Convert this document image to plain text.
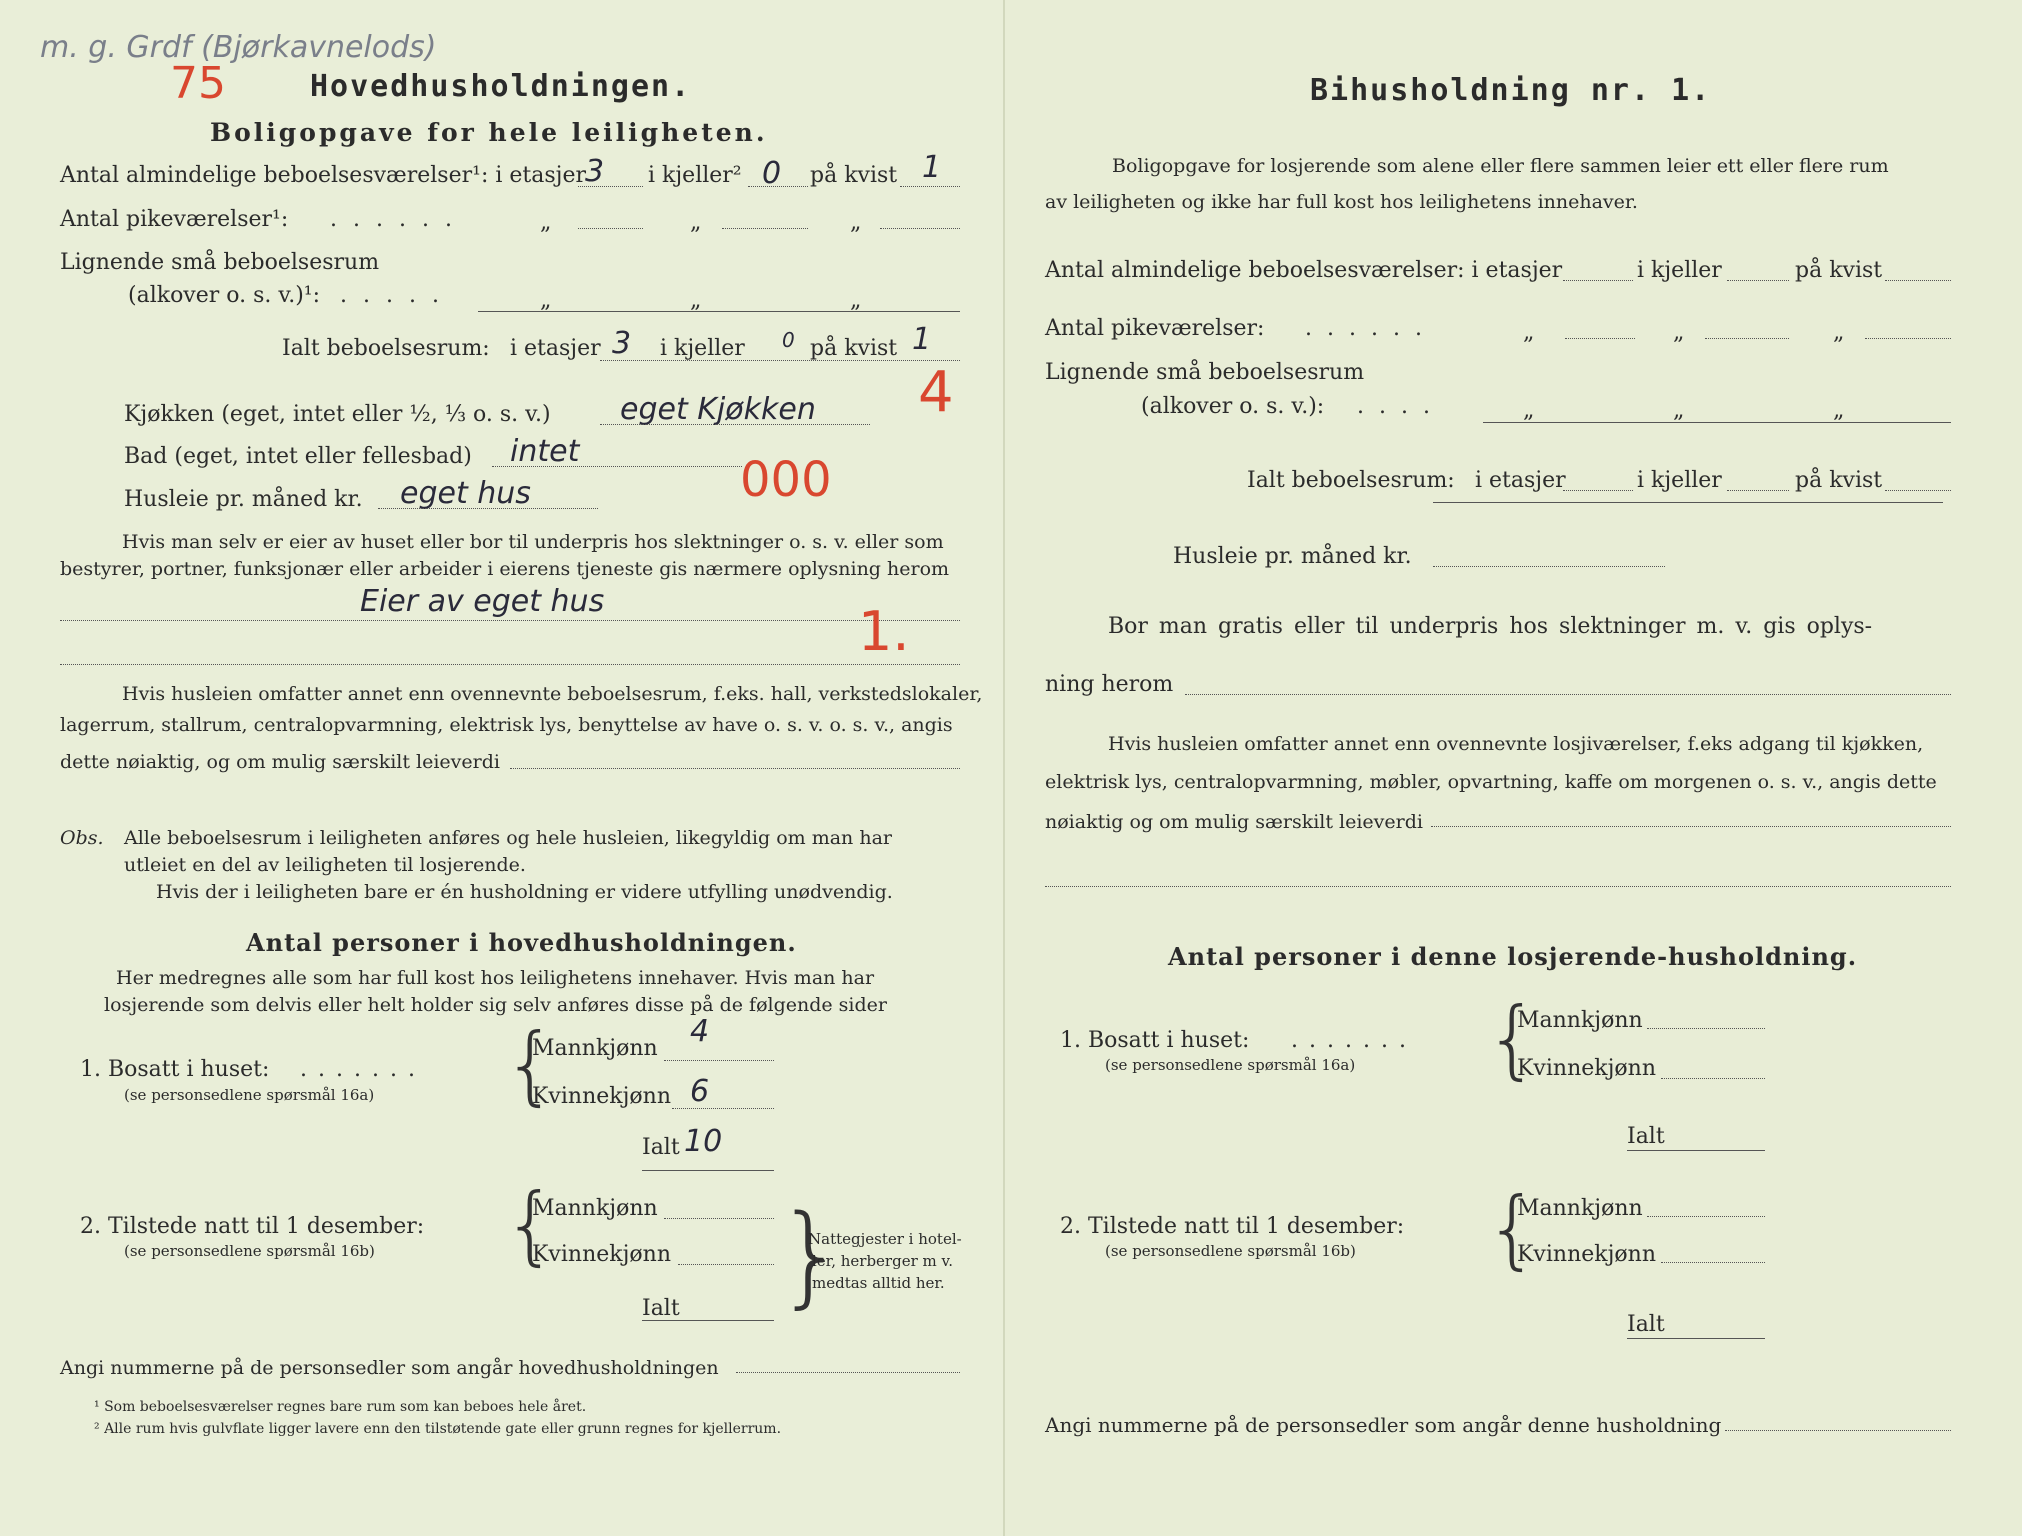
m. g. Grdf (Bjørkavnelods)
75	Hovedhusholdningen.
Boligopgave for hele leiligheten.
Antal almindelige beboelsesværelser¹: i etasjer
3 i kjeller² 0 på kvist 1
Antal pikeværelser¹: ......	„	„	„
Lignende små beboelsesrum
(alkover o. s. v.)¹: .....	„	„	„
Ialt beboelsesrum: i etasjer 3 i kjeller 0 på kvist 1
4
Kjøkken (eget, intet eller ½, ⅓ o. s. v.) eget Kjøkken
Bad (eget, intet eller fellesbad) intet
Husleie pr. måned kr. eget hus	000
Hvis man selv er eier av huset eller bor til underpris hos slektninger o. s. v. eller som
bestyrer, portner, funksjonær eller arbeider i eierens tjeneste gis nærmere oplysning herom
Eier av eget hus	1.
Hvis husleien omfatter annet enn ovennevnte beboelsesrum, f.eks. hall, verkstedslokaler,
lagerrum, stallrum, centralopvarmning, elektrisk lys, benyttelse av have o. s. v. o. s. v., angis
dette nøiaktig, og om mulig særskilt leieverdi
Obs. Alle beboelsesrum i leiligheten anføres og hele husleien, likegyldig om man har
utleiet en del av leiligheten til losjerende.
Hvis der i leiligheten bare er én husholdning er videre utfylling unødvendig.
Antal personer i hovedhusholdningen.
Her medregnes alle som har full kost hos leilighetens innehaver. Hvis man har
losjerende som delvis eller helt holder sig selv anføres disse på de følgende sider
1. Bosatt i huset: .......
(se personsedlene spørsmål 16a) {
Mannkjønn 4
Kvinnekjønn 6
Ialt 10
2. Tilstede natt til 1 desember:
(se personsedlene spørsmål 16b) {
Mannkjønn
Kvinnekjønn
Ialt }
Nattegjester i hotel-
ler, herberger m v.
medtas alltid her.
Angi nummerne på de personsedler som angår hovedhusholdningen
¹ Som beboelsesværelser regnes bare rum som kan beboes hele året.
² Alle rum hvis gulvflate ligger lavere enn den tilstøtende gate eller grunn regnes for kjellerrum.
Bihusholdning nr. 1.
Boligopgave for losjerende som alene eller flere sammen leier ett eller flere rum
av leiligheten og ikke har full kost hos leilighetens innehaver.
Antal almindelige beboelsesværelser: i etasjer	i kjeller	på kvist
Antal pikeværelser: ......	„	„	„
Lignende små beboelsesrum
(alkover o. s. v.): ....	„	„	„
Ialt beboelsesrum: i etasjer	i kjeller	på kvist
Husleie pr. måned kr.
Bor man gratis eller til underpris hos slektninger m. v. gis oplys-
ning herom
Hvis husleien omfatter annet enn ovennevnte losjiværelser, f.eks adgang til kjøkken,
elektrisk lys, centralopvarmning, møbler, opvartning, kaffe om morgenen o. s. v., angis dette
nøiaktig og om mulig særskilt leieverdi
Antal personer i denne losjerende-husholdning.
1. Bosatt i huset: .......
(se personsedlene spørsmål 16a) {
Mannkjønn
Kvinnekjønn
Ialt
2. Tilstede natt til 1 desember:
(se personsedlene spørsmål 16b) {
Mannkjønn
Kvinnekjønn
Ialt
Angi nummerne på de personsedler som angår denne husholdning
